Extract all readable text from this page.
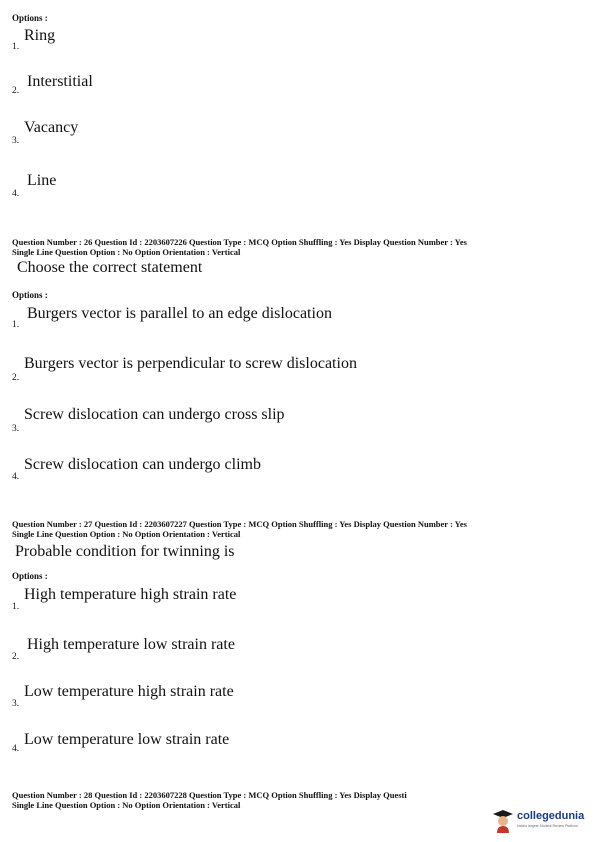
Options :
1.
Ring
2.
Interstitial
3.
Vacancy
4.
Line
Question Number : 26 Question Id : 2203607226 Question Type : MCQ Option Shuffling : Yes Display Question Number : Yes
Single Line Question Option : No Option Orientation : Vertical
Choose the correct statement
Options :
1.
Burgers vector is parallel to an edge dislocation
2.
Burgers vector is perpendicular to screw dislocation
3.
Screw dislocation can undergo cross slip
4.
Screw dislocation can undergo climb
Question Number : 27 Question Id : 2203607227 Question Type : MCQ Option Shuffling : Yes Display Question Number : Yes
Single Line Question Option : No Option Orientation : Vertical
Probable condition for twinning is
Options :
1.
High temperature high strain rate
2.
High temperature low strain rate
3.
Low temperature high strain rate
4.
Low temperature low strain rate
Question Number : 28 Question Id : 2203607228 Question Type : MCQ Option Shuffling : Yes Display Questi
Single Line Question Option : No Option Orientation : Vertical
collegedunia
India's largest Student Review Platform
